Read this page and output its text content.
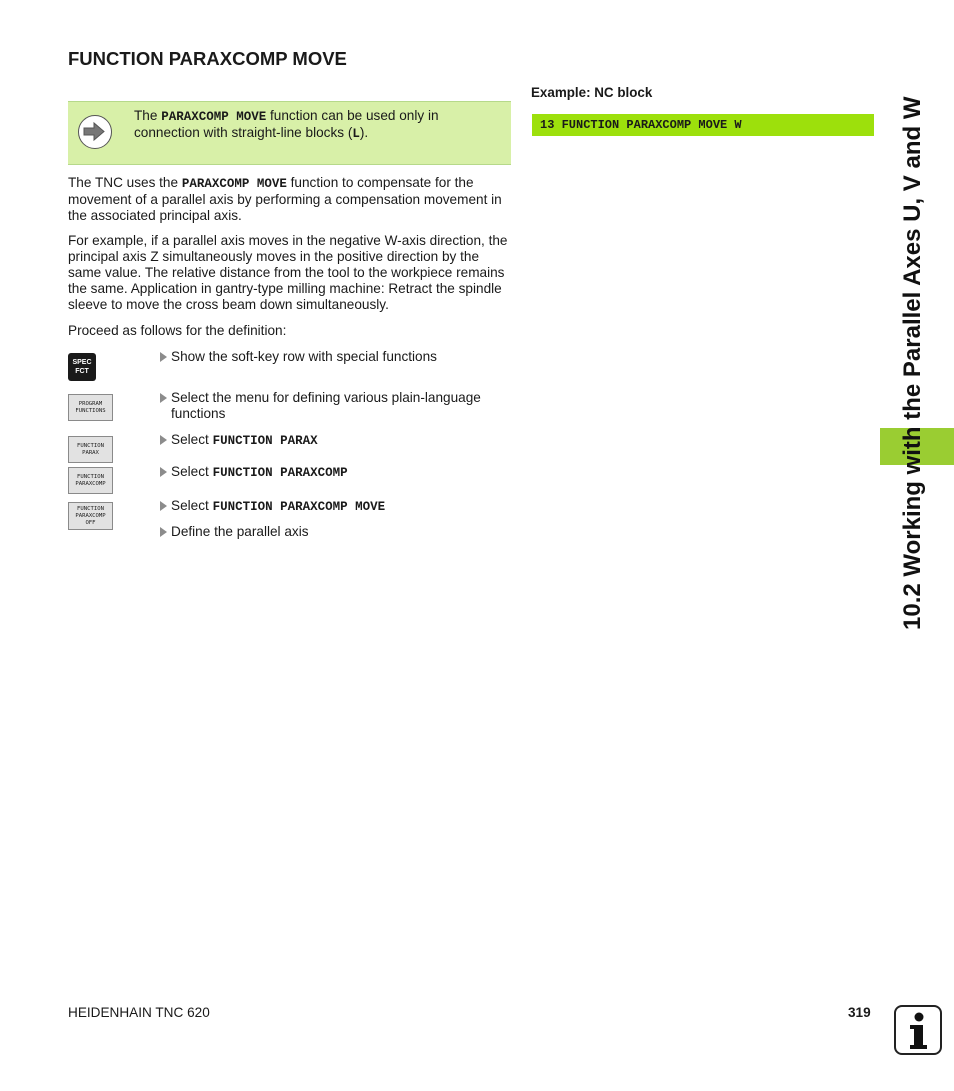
FUNCTION PARAXCOMP MOVE
The PARAXCOMP MOVE function can be used only in connection with straight-line blocks (L).
The TNC uses the PARAXCOMP MOVE function to compensate for the movement of a parallel axis by performing a compensation movement in the associated principal axis.
For example, if a parallel axis moves in the negative W-axis direction, the principal axis Z simultaneously moves in the positive direction by the same value. The relative distance from the tool to the workpiece remains the same. Application in gantry-type milling machine: Retract the spindle sleeve to move the cross beam down simultaneously.
Proceed as follows for the definition:
SPEC
FCT
PROGRAM
FUNCTIONS
FUNCTION
PARAX
FUNCTION
PARAXCOMP
FUNCTION
PARAXCOMP
OFF
Show the soft-key row with special functions
Select the menu for defining various plain-language functions
Select FUNCTION PARAX
Select FUNCTION PARAXCOMP
Select FUNCTION PARAXCOMP MOVE
Define the parallel axis
Example: NC block
13 FUNCTION PARAXCOMP MOVE W	10.2 Working with the Parallel Axes U, V and W
HEIDENHAIN TNC 620	319
